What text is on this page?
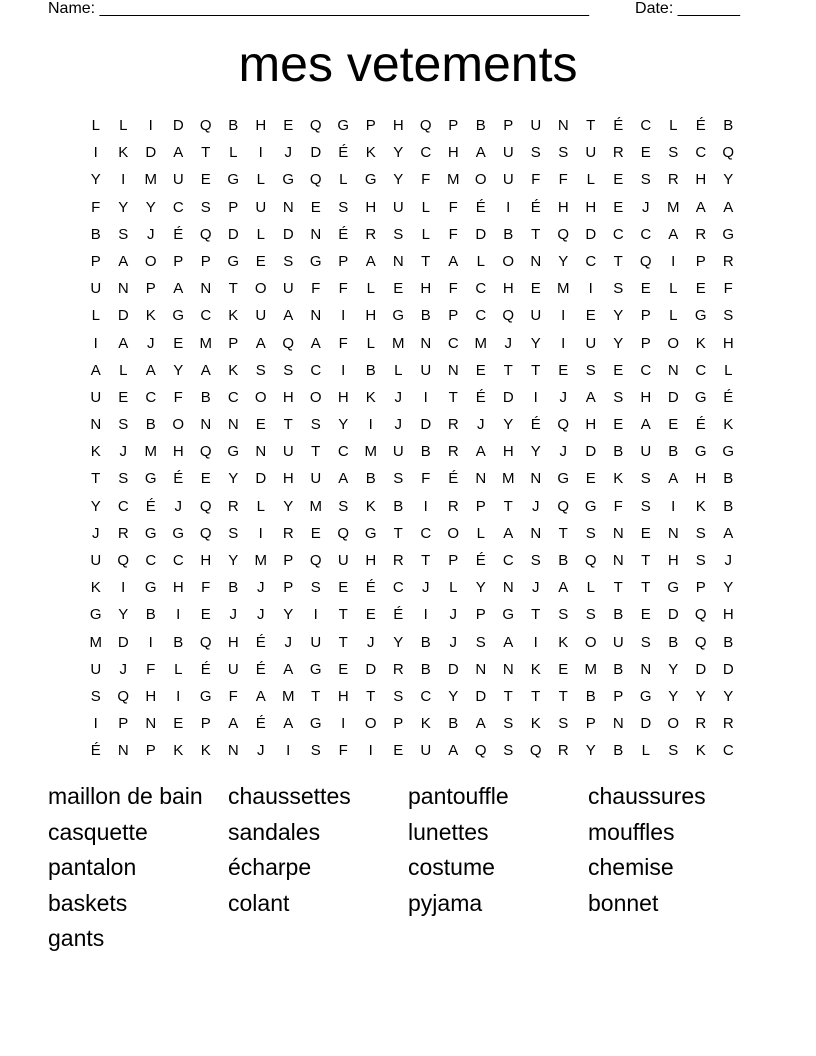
Name: _______________________________________________________	Date: _______
mes vetements
L	L	I	D	Q	B	H	E	Q	G	P	H	Q	P	B	P	U	N	T	É	C	L	É	B
I	K	D	A	T	L	I	J	D	É	K	Y	C	H	A	U	S	S	U	R	E	S	C	Q
Y	I	M	U	E	G	L	G	Q	L	G	Y	F	M	O	U	F	F	L	E	S	R	H	Y
F	Y	Y	C	S	P	U	N	E	S	H	U	L	F	É	I	É	H	H	E	J	M	A	A
B	S	J	É	Q	D	L	D	N	É	R	S	L	F	D	B	T	Q	D	C	C	A	R	G
P	A	O	P	P	G	E	S	G	P	A	N	T	A	L	O	N	Y	C	T	Q	I	P	R
U	N	P	A	N	T	O	U	F	F	L	E	H	F	C	H	E	M	I	S	E	L	E	F
L	D	K	G	C	K	U	A	N	I	H	G	B	P	C	Q	U	I	E	Y	P	L	G	S
I	A	J	E	M	P	A	Q	A	F	L	M	N	C	M	J	Y	I	U	Y	P	O	K	H
A	L	A	Y	A	K	S	S	C	I	B	L	U	N	E	T	T	E	S	E	C	N	C	L
U	E	C	F	B	C	O	H	O	H	K	J	I	T	É	D	I	J	A	S	H	D	G	É
N	S	B	O	N	N	E	T	S	Y	I	J	D	R	J	Y	É	Q	H	E	A	E	É	K
K	J	M	H	Q	G	N	U	T	C	M	U	B	R	A	H	Y	J	D	B	U	B	G	G
T	S	G	É	E	Y	D	H	U	A	B	S	F	É	N	M	N	G	E	K	S	A	H	B
Y	C	É	J	Q	R	L	Y	M	S	K	B	I	R	P	T	J	Q	G	F	S	I	K	B
J	R	G	G	Q	S	I	R	E	Q	G	T	C	O	L	A	N	T	S	N	E	N	S	A
U	Q	C	C	H	Y	M	P	Q	U	H	R	T	P	É	C	S	B	Q	N	T	H	S	J
K	I	G	H	F	B	J	P	S	E	É	C	J	L	Y	N	J	A	L	T	T	G	P	Y
G	Y	B	I	E	J	J	Y	I	T	E	É	I	J	P	G	T	S	S	B	E	D	Q	H
M	D	I	B	Q	H	É	J	U	T	J	Y	B	J	S	A	I	K	O	U	S	B	Q	B
U	J	F	L	É	U	É	A	G	E	D	R	B	D	N	N	K	E	M	B	N	Y	D	D
S	Q	H	I	G	F	A	M	T	H	T	S	C	Y	D	T	T	T	B	P	G	Y	Y	Y
I	P	N	E	P	A	É	A	G	I	O	P	K	B	A	S	K	S	P	N	D	O	R	R
É	N	P	K	K	N	J	I	S	F	I	E	U	A	Q	S	Q	R	Y	B	L	S	K	C
maillon de bain	chaussettes	pantouffle	chaussures
casquette	sandales	lunettes	mouffles
pantalon	écharpe	costume	chemise
baskets	colant	pyjama	bonnet
gants
